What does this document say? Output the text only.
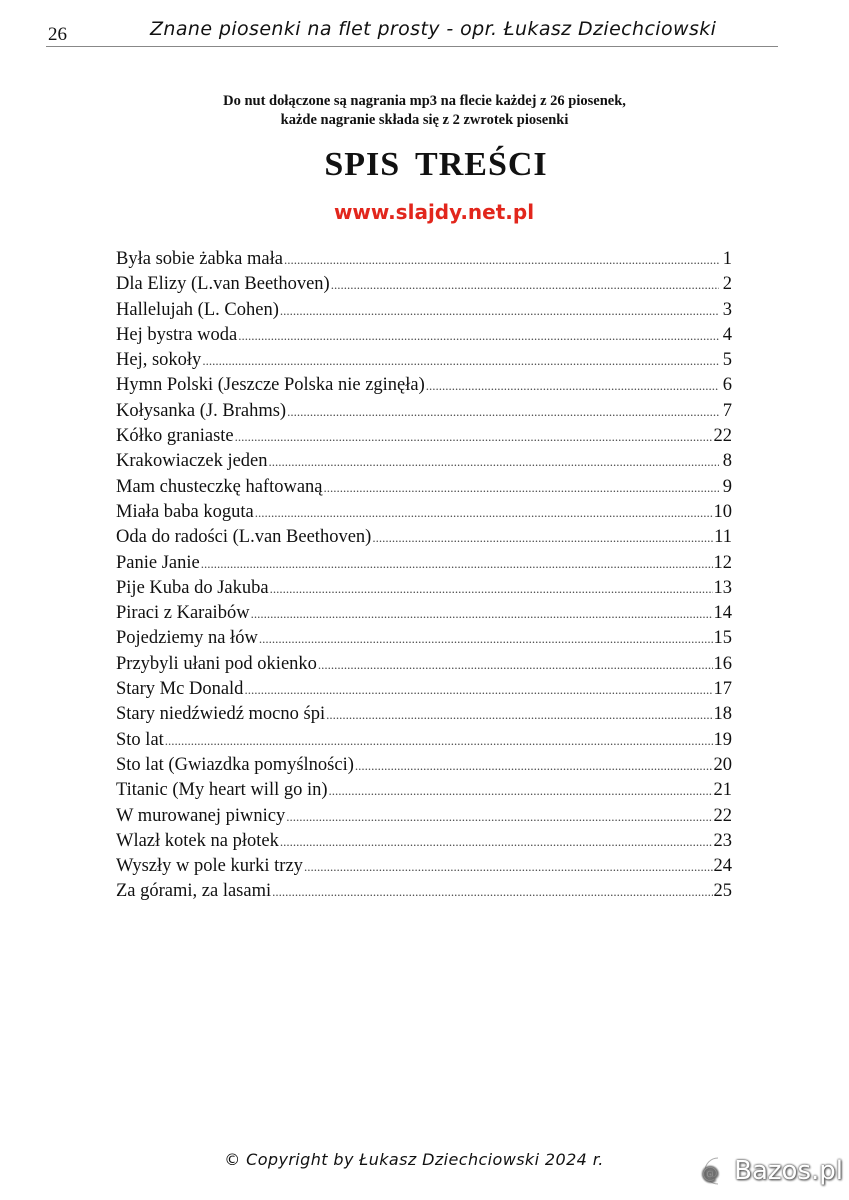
26	Znane piosenki na flet prosty - opr. Łukasz Dziechciowski
Do nut dołączone są nagrania mp3 na flecie każdej z 26 piosenek,
każde nagranie składa się z 2 zwrotek piosenki
SPIS TREŚCI
www.slajdy.net.pl
Była sobie żabka mała .....	1
Dla Elizy (L.van Beethoven) .....	2
Hallelujah (L. Cohen) .....	3
Hej bystra woda .....	4
Hej, sokoły .....	5
Hymn Polski (Jeszcze Polska nie zginęła) .....	6
Kołysanka (J. Brahms) .....	7
Kółko graniaste .....	22
Krakowiaczek jeden .....	8
Mam chusteczkę haftowaną .....	9
Miała baba koguta .....	10
Oda do radości (L.van Beethoven) .....	11
Panie Janie .....	12
Pije Kuba do Jakuba .....	13
Piraci z Karaibów .....	14
Pojedziemy na łów .....	15
Przybyli ułani pod okienko .....	16
Stary Mc Donald .....	17
Stary niedźwiedź mocno śpi .....	18
Sto lat .....	19
Sto lat (Gwiazdka pomyślności) .....	20
Titanic (My heart will go in) .....	21
W murowanej piwnicy .....	22
Wlazł kotek na płotek .....	23
Wyszły w pole kurki trzy .....	24
Za górami, za lasami .....	25
© Copyright by Łukasz Dziechciowski 2024 r.
@ Bazos.pl
